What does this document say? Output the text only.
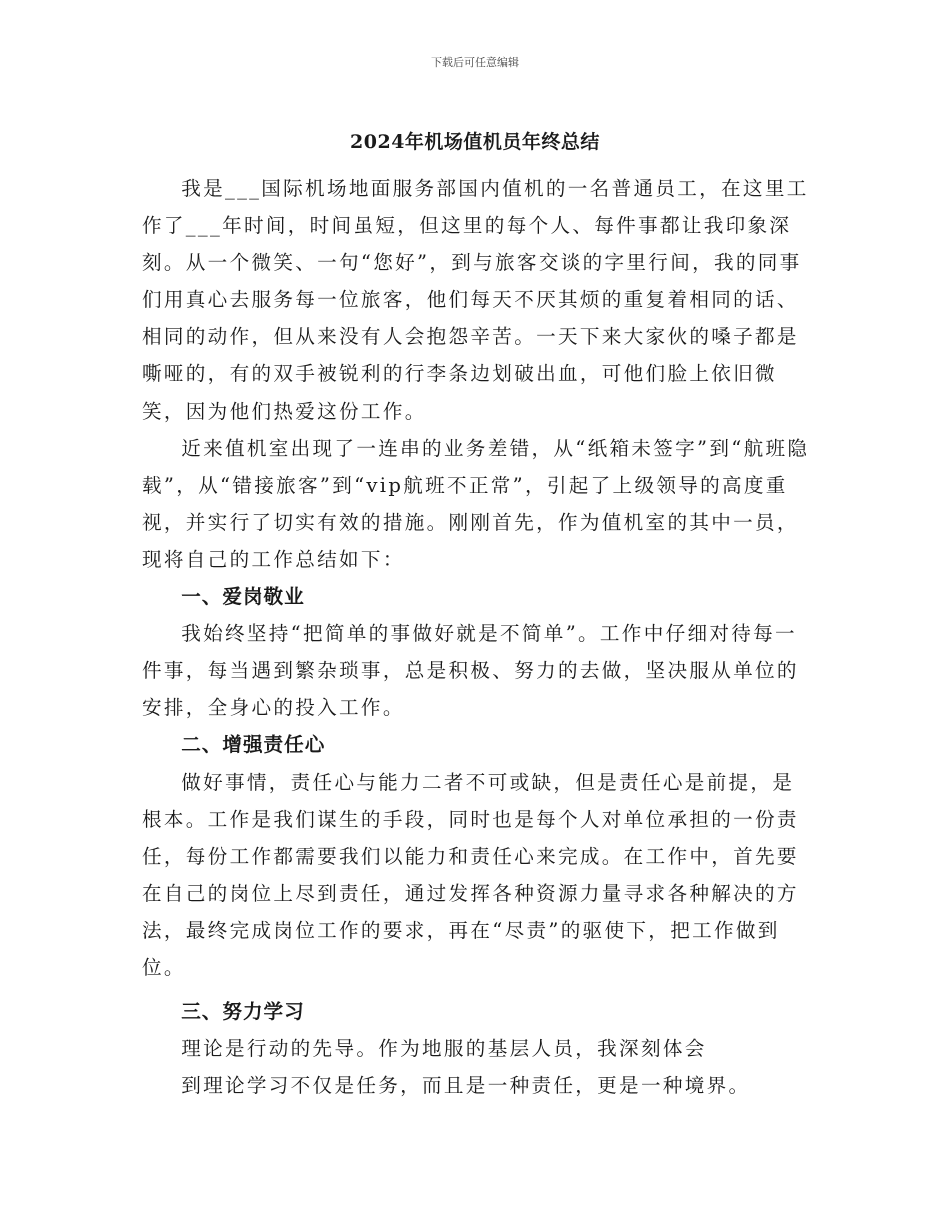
下载后可任意编辑
2024年机场值机员年终总结

我是___国际机场地面服务部国内值机的一名普通员工，在这里工作了___年时间，时间虽短，但这里的每个人、每件事都让我印象深刻。从一个微笑、一句“您好”，到与旅客交谈的字里行间，我的同事们用真心去服务每一位旅客，他们每天不厌其烦的重复着相同的话、相同的动作，但从来没有人会抱怨辛苦。一天下来大家伙的嗓子都是嘶哑的，有的双手被锐利的行李条边划破出血，可他们脸上依旧微笑，因为他们热爱这份工作。

近来值机室出现了一连串的业务差错，从“纸箱未签字”到“航班隐载”，从“错接旅客”到“vip航班不正常”，引起了上级领导的高度重视，并实行了切实有效的措施。刚刚首先，作为值机室的其中一员，现将自己的工作总结如下：

一、爱岗敬业

我始终坚持“把简单的事做好就是不简单”。工作中仔细对待每一件事，每当遇到繁杂琐事，总是积极、努力的去做，坚决服从单位的安排，全身心的投入工作。

二、增强责任心

做好事情，责任心与能力二者不可或缺，但是责任心是前提，是根本。工作是我们谋生的手段，同时也是每个人对单位承担的一份责任，每份工作都需要我们以能力和责任心来完成。在工作中，首先要在自己的岗位上尽到责任，通过发挥各种资源力量寻求各种解决的方法，最终完成岗位工作的要求，再在“尽责”的驱使下，把工作做到位。

三、努力学习

理论是行动的先导。作为地服的基层人员，我深刻体会

到理论学习不仅是任务，而且是一种责任，更是一种境界。
